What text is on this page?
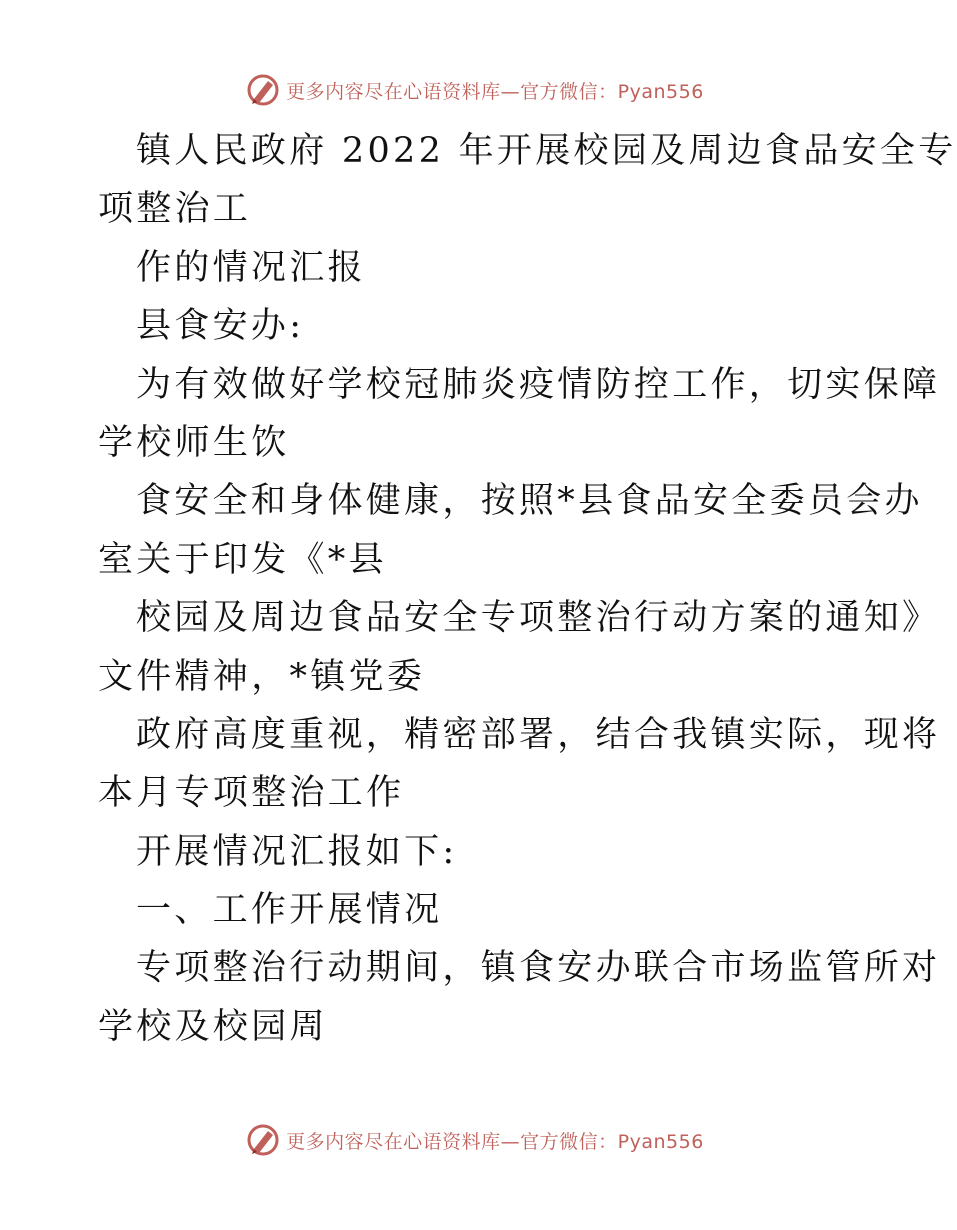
更多内容尽在心语资料库—官方微信：Pyan556
镇人民政府 2022 年开展校园及周边食品安全专
项整治工
作的情况汇报
县食安办:
为有效做好学校冠肺炎疫情防控工作，切实保障
学校师生饮
食安全和身体健康，按照*县食品安全委员会办
室关于印发《*县
校园及周边食品安全专项整治行动方案的通知》
文件精神，*镇党委
政府高度重视，精密部署，结合我镇实际，现将
本月专项整治工作
开展情况汇报如下:
一、工作开展情况
专项整治行动期间，镇食安办联合市场监管所对
学校及校园周
更多内容尽在心语资料库—官方微信：Pyan556
